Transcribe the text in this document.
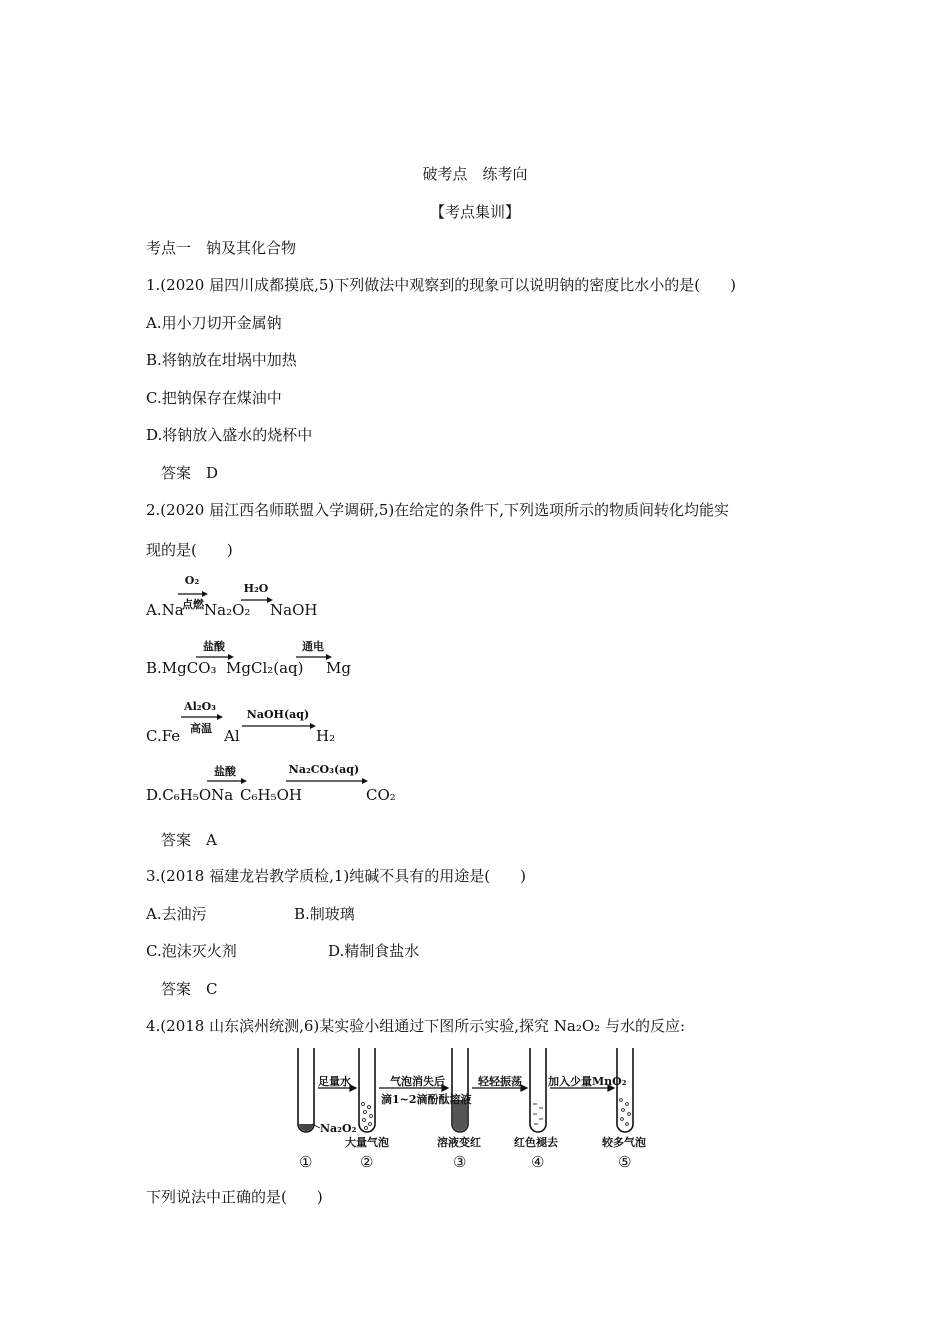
破考点　练考向
【考点集训】
考点一　钠及其化合物
1.(2020 届四川成都摸底,5)下列做法中观察到的现象可以说明钠的密度比水小的是(　　)
A.用小刀切开金属钠
B.将钠放在坩埚中加热
C.把钠保存在煤油中
D.将钠放入盛水的烧杯中
答案　D
2.(2020 届江西名师联盟入学调研,5)在给定的条件下,下列选项所示的物质间转化均能实
现的是(　　)
A.Na
O₂
点燃 Na₂O₂
H₂O
NaOH
B.MgCO₃
盐酸
MgCl₂(aq)
通电
Mg
C.Fe
Al₂O₃
高温 Al
NaOH(aq)
H₂
D.C₆H₅ONa
盐酸
C₆H₅OH
Na₂CO₃(aq)
CO₂
答案　A
3.(2018 福建龙岩教学质检,1)纯碱不具有的用途是(　　)
A.去油污	B.制玻璃
C.泡沫灭火剂	D.精制食盐水
答案　C
4.(2018 山东滨州统测,6)某实验小组通过下图所示实验,探究 Na₂O₂ 与水的反应:
足量水	气泡消失后
滴1~2滴酚酞溶液
轻轻振荡 加入少量MnO₂
Na₂O₂
大量气泡	溶液变红	红色褪去	较多气泡
①	②	③	④	⑤
下列说法中正确的是(　　)
